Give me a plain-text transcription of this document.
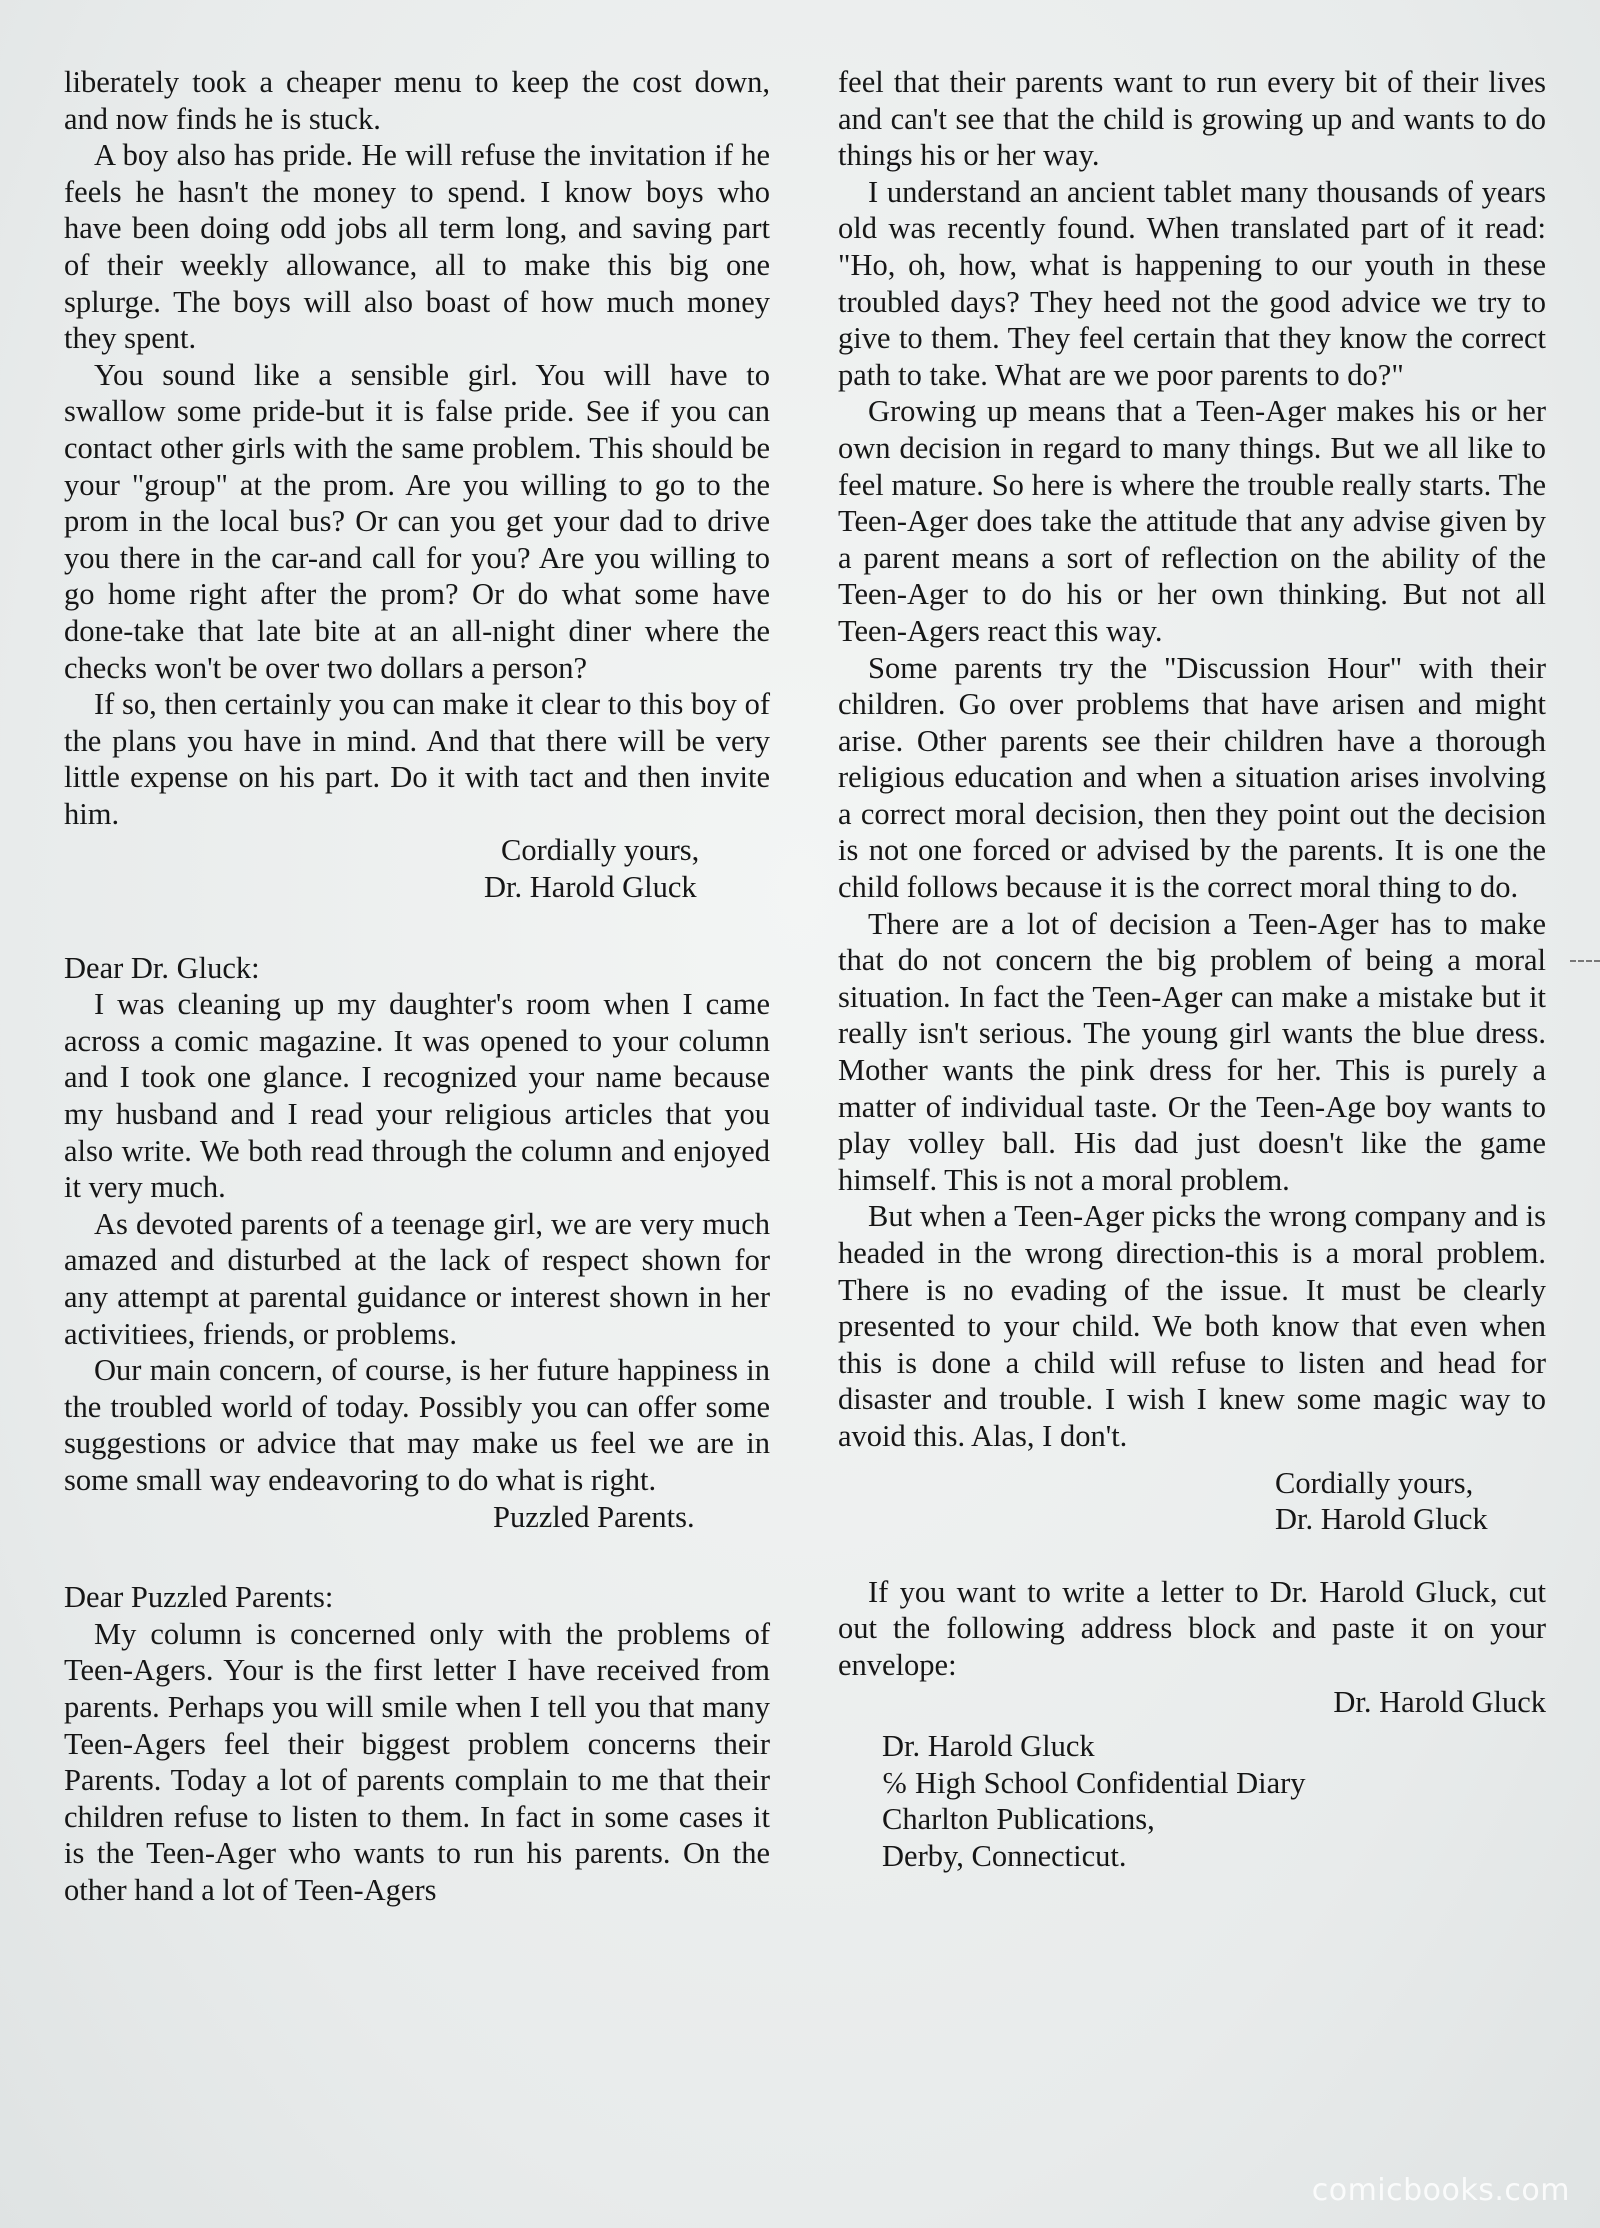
liberately took a cheaper menu to keep the cost down, and now finds he is stuck.

A boy also has pride. He will refuse the invitation if he feels he hasn't the money to spend. I know boys who have been doing odd jobs all term long, and saving part of their weekly allowance, all to make this big one splurge. The boys will also boast of how much money they spent.

You sound like a sensible girl. You will have to swallow some pride-but it is false pride. See if you can contact other girls with the same problem. This should be your "group" at the prom. Are you willing to go to the prom in the local bus? Or can you get your dad to drive you there in the car-and call for you? Are you willing to go home right after the prom? Or do what some have done-take that late bite at an all-night diner where the checks won't be over two dollars a person?

If so, then certainly you can make it clear to this boy of the plans you have in mind. And that there will be very little expense on his part. Do it with tact and then invite him.

Cordially yours,

Dr. Harold Gluck

Dear Dr. Gluck:

I was cleaning up my daughter's room when I came across a comic magazine. It was opened to your column and I took one glance. I recognized your name because my husband and I read your religious articles that you also write. We both read through the column and enjoyed it very much.

As devoted parents of a teenage girl, we are very much amazed and disturbed at the lack of respect shown for any attempt at parental guidance or interest shown in her activitiees, friends, or problems.

Our main concern, of course, is her future happiness in the troubled world of today. Possibly you can offer some suggestions or advice that may make us feel we are in some small way endeavoring to do what is right.

Puzzled Parents.

Dear Puzzled Parents:

My column is concerned only with the problems of Teen-Agers. Your is the first letter I have received from parents. Perhaps you will smile when I tell you that many Teen-Agers feel their biggest problem concerns their Parents. Today a lot of parents complain to me that their children refuse to listen to them. In fact in some cases it is the Teen-Ager who wants to run his parents. On the other hand a lot of Teen-Agers

feel that their parents want to run every bit of their lives and can't see that the child is growing up and wants to do things his or her way.

I understand an ancient tablet many thousands of years old was recently found. When translated part of it read: "Ho, oh, how, what is happening to our youth in these troubled days? They heed not the good advice we try to give to them. They feel certain that they know the correct path to take. What are we poor parents to do?"

Growing up means that a Teen-Ager makes his or her own decision in regard to many things. But we all like to feel mature. So here is where the trouble really starts. The Teen-Ager does take the attitude that any advise given by a parent means a sort of reflection on the ability of the Teen-Ager to do his or her own thinking. But not all Teen-Agers react this way.

Some parents try the "Discussion Hour" with their children. Go over problems that have arisen and might arise. Other parents see their children have a thorough religious education and when a situation arises involving a correct moral decision, then they point out the decision is not one forced or advised by the parents. It is one the child follows because it is the correct moral thing to do.

There are a lot of decision a Teen-Ager has to make that do not concern the big problem of being a moral situation. In fact the Teen-Ager can make a mistake but it really isn't serious. The young girl wants the blue dress. Mother wants the pink dress for her. This is purely a matter of individual taste. Or the Teen-Age boy wants to play volley ball. His dad just doesn't like the game himself. This is not a moral problem.

But when a Teen-Ager picks the wrong company and is headed in the wrong direction-this is a moral problem. There is no evading of the issue. It must be clearly presented to your child. We both know that even when this is done a child will refuse to listen and head for disaster and trouble. I wish I knew some magic way to avoid this. Alas, I don't.

Cordially yours,

Dr. Harold Gluck

If you want to write a letter to Dr. Harold Gluck, cut out the following address block and paste it on your envelope:

Dr. Harold Gluck

Dr. Harold Gluck

℅ High School Confidential Diary

Charlton Publications,

Derby, Connecticut.

comicbooks.com
